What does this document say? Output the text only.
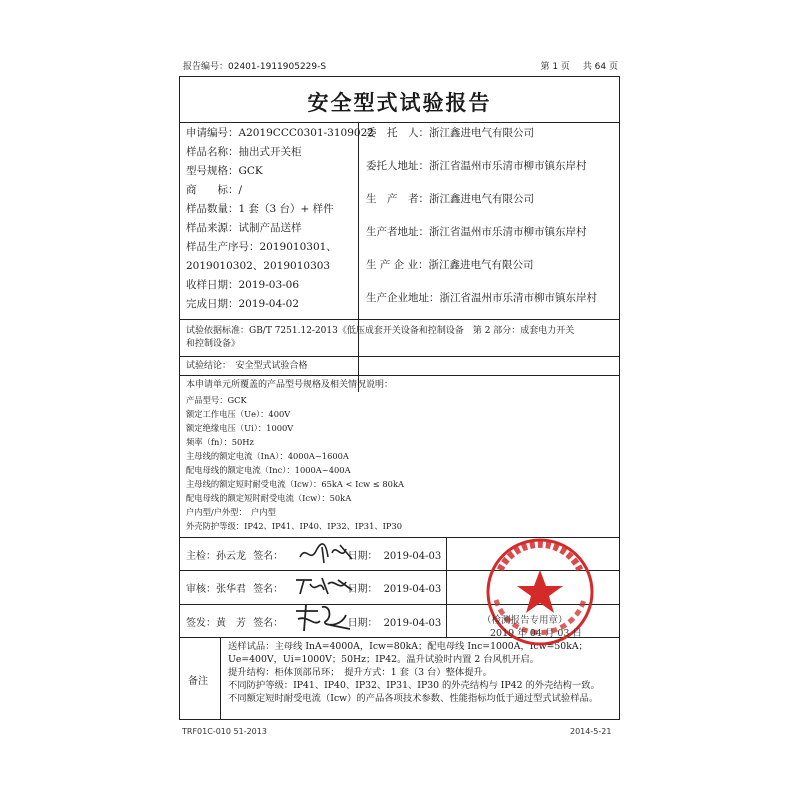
报告编号：02401-1911905229-S	第 1 页 共 64 页
安全型式试验报告
申请编号：A2019CCC0301-3109022
样品名称：抽出式开关柜
型号规格：GCK
商　　标：/
样品数量：1 套（3 台）+ 样件
样品来源：试制产品送样
样品生产序号：2019010301、
2019010302、2019010303
收样日期：2019-03-06
完成日期：2019-04-02
委　托　人：浙江鑫进电气有限公司
委托人地址：浙江省温州市乐清市柳市镇东岸村
生　产　者：浙江鑫进电气有限公司
生产者地址：浙江省温州市乐清市柳市镇东岸村
生 产 企 业：浙江鑫进电气有限公司
生产企业地址：浙江省温州市乐清市柳市镇东岸村
试验依据标准：GB/T 7251.12-2013《低压成套开关设备和控制设备　第 2 部分：成套电力开关
和控制设备》
试验结论：　安全型式试验合格
本申请单元所覆盖的产品型号规格及相关情况说明：
产品型号：GCK
额定工作电压（Ue）：400V
额定绝缘电压（Ui）：1000V
频率（fn）：50Hz
主母线的额定电流（InA）：4000A~1600A
配电母线的额定电流（Inc）：1000A~400A
主母线的额定短时耐受电流（Icw）：65kA < Icw ≤ 80kA
配电母线的额定短时耐受电流（Icw）：50kA
户内型/户外型：　户内型
外壳防护等级：IP42、IP41、IP40、IP32、IP31、IP30
主检：孙云龙 签名：	日期： 2019-04-03
审核：张华君 签名：	日期： 2019-04-03
签发：黄　芳 签名：	日期： 2019-04-03
备注
送样试品：主母线 InA=4000A，Icw=80kA；配电母线 Inc=1000A，Icw=50kA；
Ue=400V，Ui=1000V；50Hz；IP42。温升试验时内置 2 台风机开启。
提升结构：柜体顶部吊环；　提升方式：1 套（3 台）整体提升。
不同防护等级：IP41、IP40、IP32、IP31、IP30 的外壳结构与 IP42 的外壳结构一致。
不同额定短时耐受电流（Icw）的产品各项技术参数、性能指标均低于通过型式试验样品。
（检测报告专用章）
2019 年 04 月 03 日
TRF01C-010 51-2013	2014-5-21
